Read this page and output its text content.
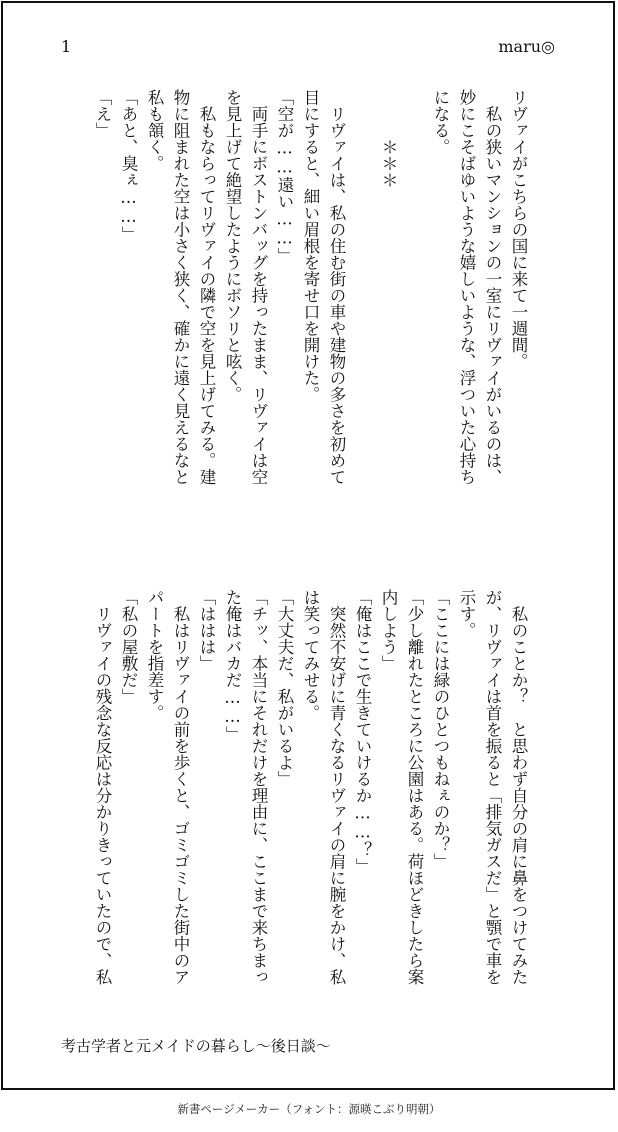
1	maru◎
リヴァイがこちらの国に来て一週間。
　私の狭いマンションの一室にリヴァイがいるのは、
妙にこそばゆいような嬉しいような、浮ついた心持ち
になる。

　　　＊＊＊

　リヴァイは、私の住む街の車や建物の多さを初めて
目にすると、細い眉根を寄せ口を開けた。
「空が……遠い……」
　両手にボストンバッグを持ったまま、リヴァイは空
を見上げて絶望したようにボソリと呟く。
　私もならってリヴァイの隣で空を見上げてみる。建
物に阻まれた空は小さく狭く、確かに遠く見えるなと
私も頷く。
「あと、臭ぇ……」
「え」
　私のことか？　と思わず自分の肩に鼻をつけてみた
が、リヴァイは首を振ると「排気ガスだ」と顎で車を
示す。
「ここには緑のひとつもねぇのか？」
「少し離れたところに公園はある。荷ほどきしたら案
内しよう」
「俺はここで生きていけるか……？」
　突然不安げに青くなるリヴァイの肩に腕をかけ、私
は笑ってみせる。
「大丈夫だ、私がいるよ」
「チッ、本当にそれだけを理由に、ここまで来ちまっ
た俺はバカだ……」
「ははは」
　私はリヴァイの前を歩くと、ゴミゴミした街中のア
パートを指差す。
「私の屋敷だ」
　リヴァイの残念な反応は分かりきっていたので、私
考古学者と元メイドの暮らし〜後日談〜
新書ページメーカー（フォント：源暎こぶり明朝）
